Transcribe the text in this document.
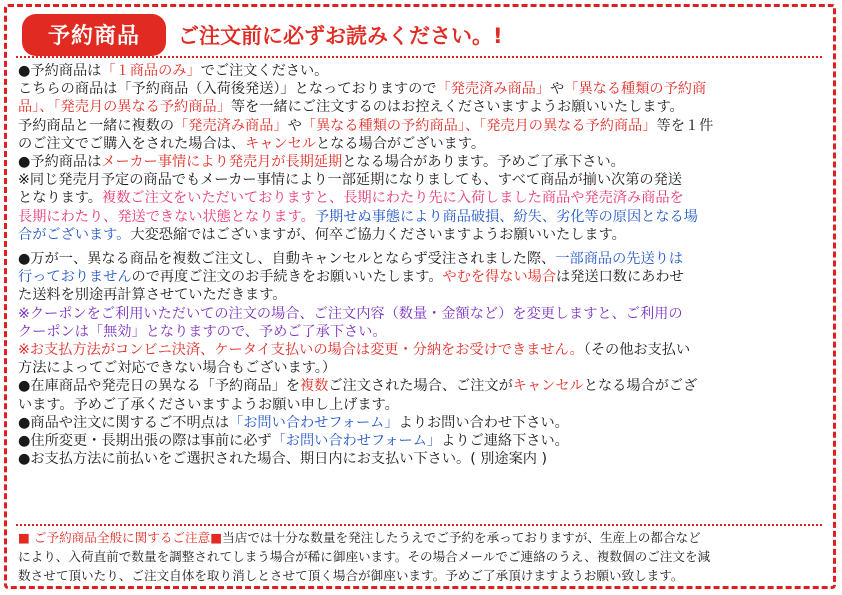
予約商品	ご注文前に必ずお読みください。!

●予約商品は「１商品のみ」でご注文ください。

こちらの商品は「予約商品（入荷後発送）」となっておりますので「発売済み商品」や「異なる種類の予約商

品」、「発売月の異なる予約商品」等を一緒にご注文するのはお控えくださいますようお願いいたします。

予約商品と一緒に複数の「発売済み商品」や「異なる種類の予約商品」、「発売月の異なる予約商品」等を１件

のご注文でご購入をされた場合は、キャンセルとなる場合がございます。

●予約商品はメーカー事情により発売月が長期延期となる場合があります。予めご了承下さい。

※同じ発売月予定の商品でもメーカー事情により一部延期になりましても、すべて商品が揃い次第の発送

となります。複数ご注文をいただいておりますと、長期にわたり先に入荷しました商品や発売済み商品を

長期にわたり、発送できない状態となります。予期せぬ事態により商品破損、紛失、劣化等の原因となる場

合がございます。大変恐縮ではございますが、何卒ご協力くださいますようお願いいたします。

●万が一、異なる商品を複数ご注文し、自動キャンセルとならず受注されました際、一部商品の先送りは

行っておりませんので再度ご注文のお手続きをお願いいたします。やむを得ない場合は発送口数にあわせ

た送料を別途再計算させていただきます。

※クーポンをご利用いただいての注文の場合、ご注文内容（数量・金額など）を変更しますと、ご利用の

クーポンは「無効」となりますので、予めご了承下さい。

※お支払方法がコンビニ決済、ケータイ支払いの場合は変更・分納をお受けできません。（その他お支払い

方法によってご対応できない場合もございます。）

●在庫商品や発売日の異なる「予約商品」を複数ご注文された場合、ご注文がキャンセルとなる場合がござ

います。予めご了承くださいますようお願い申し上げます。

●商品や注文に関するご不明点は「お問い合わせフォーム」よりお問い合わせ下さい。

●住所変更・長期出張の際は事前に必ず「お問い合わせフォーム」よりご連絡下さい。

●お支払方法に前払いをご選択された場合、期日内にお支払い下さい。( 別途案内 )

■ ご予約商品全般に関するご注意■当店では十分な数量を発注したうえでご予約を承っておりますが、生産上の都合など

により、入荷直前で数量を調整されてしまう場合が稀に御座います。その場合メールでご連絡のうえ、複数個のご注文を減

数させて頂いたり、ご注文自体を取り消しとさせて頂く場合が御座います。予めご了承頂けますようお願い致します。
